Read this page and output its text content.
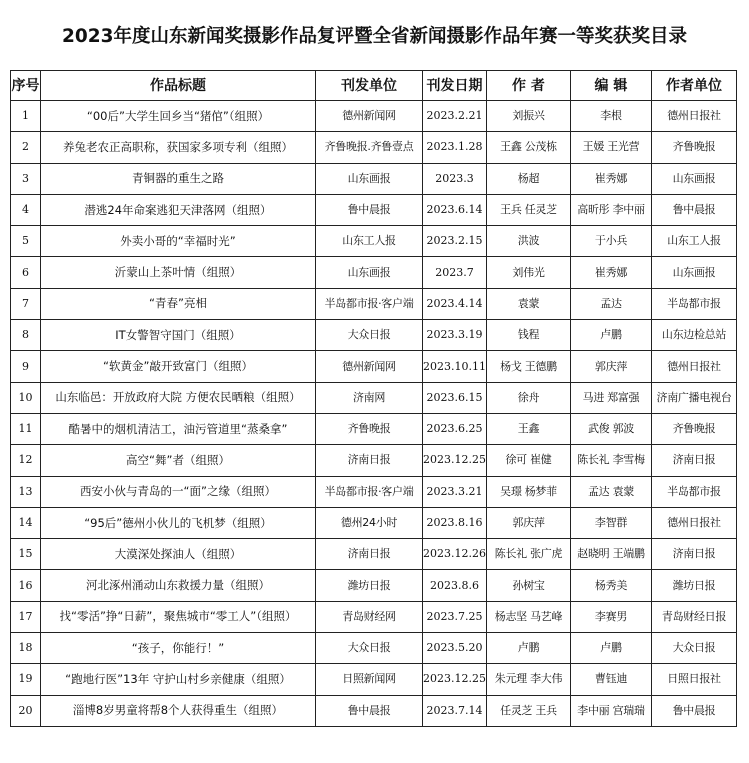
2023年度山东新闻奖摄影作品复评暨全省新闻摄影作品年赛一等奖获奖目录
序号	作品标题	刊发单位	刊发日期	作 者	编 辑	作者单位
1	“00后”大学生回乡当“猪倌”（组照）	德州新闻网	2023.2.21	刘振兴	李根	德州日报社
2	养兔老农正高职称，获国家多项专利（组照）	齐鲁晚报.齐鲁壹点	2023.1.28	王鑫 公茂栋	王媛 王光营	齐鲁晚报
3	青铜器的重生之路	山东画报	2023.3	杨超	崔秀娜	山东画报
4	潜逃24年命案逃犯天津落网（组照）	鲁中晨报	2023.6.14	王兵 任灵芝	高昕彤 李中丽	鲁中晨报
5	外卖小哥的“幸福时光”	山东工人报	2023.2.15	洪波	于小兵	山东工人报
6	沂蒙山上茶叶情（组照）	山东画报	2023.7	刘伟光	崔秀娜	山东画报
7	“青春”亮相	半岛都市报·客户端	2023.4.14	袁蒙	孟达	半岛都市报
8	IT女警智守国门（组照）	大众日报	2023.3.19	钱程	卢鹏	山东边检总站
9	“软黄金”敲开致富门（组照）	德州新闻网	2023.10.11	杨戈 王德鹏	郭庆萍	德州日报社
10	山东临邑：开放政府大院 方便农民晒粮（组照）	济南网	2023.6.15	徐舟	马进 郑富强	济南广播电视台
11	酷暑中的烟机清洁工，油污管道里“蒸桑拿”	齐鲁晚报	2023.6.25	王鑫	武俊 郭波	齐鲁晚报
12	高空“舞”者（组照）	济南日报	2023.12.25	徐可 崔健	陈长礼 李雪梅	济南日报
13	西安小伙与青岛的一“面”之缘（组照）	半岛都市报·客户端	2023.3.21	吴璟 杨梦菲	孟达 袁蒙	半岛都市报
14	“95后”德州小伙儿的飞机梦（组照）	德州24小时	2023.8.16	郭庆萍	李智群	德州日报社
15	大漠深处探油人（组照）	济南日报	2023.12.26	陈长礼 张广虎	赵晓明 王端鹏	济南日报
16	河北涿州涌动山东救援力量（组照）	潍坊日报	2023.8.6	孙树宝	杨秀美	潍坊日报
17	找“零活”挣“日薪”，聚焦城市“零工人”（组照）	青岛财经网	2023.7.25	杨志坚 马艺峰	李赛男	青岛财经日报
18	“孩子，你能行！”	大众日报	2023.5.20	卢鹏	卢鹏	大众日报
19	“跑地行医”13年 守护山村乡亲健康（组照）	日照新闻网	2023.12.25	朱元理 李大伟	曹钰迪	日照日报社
20	淄博8岁男童将帮8个人获得重生（组照）	鲁中晨报	2023.7.14	任灵芝 王兵	李中丽 宫瑞瑞	鲁中晨报
